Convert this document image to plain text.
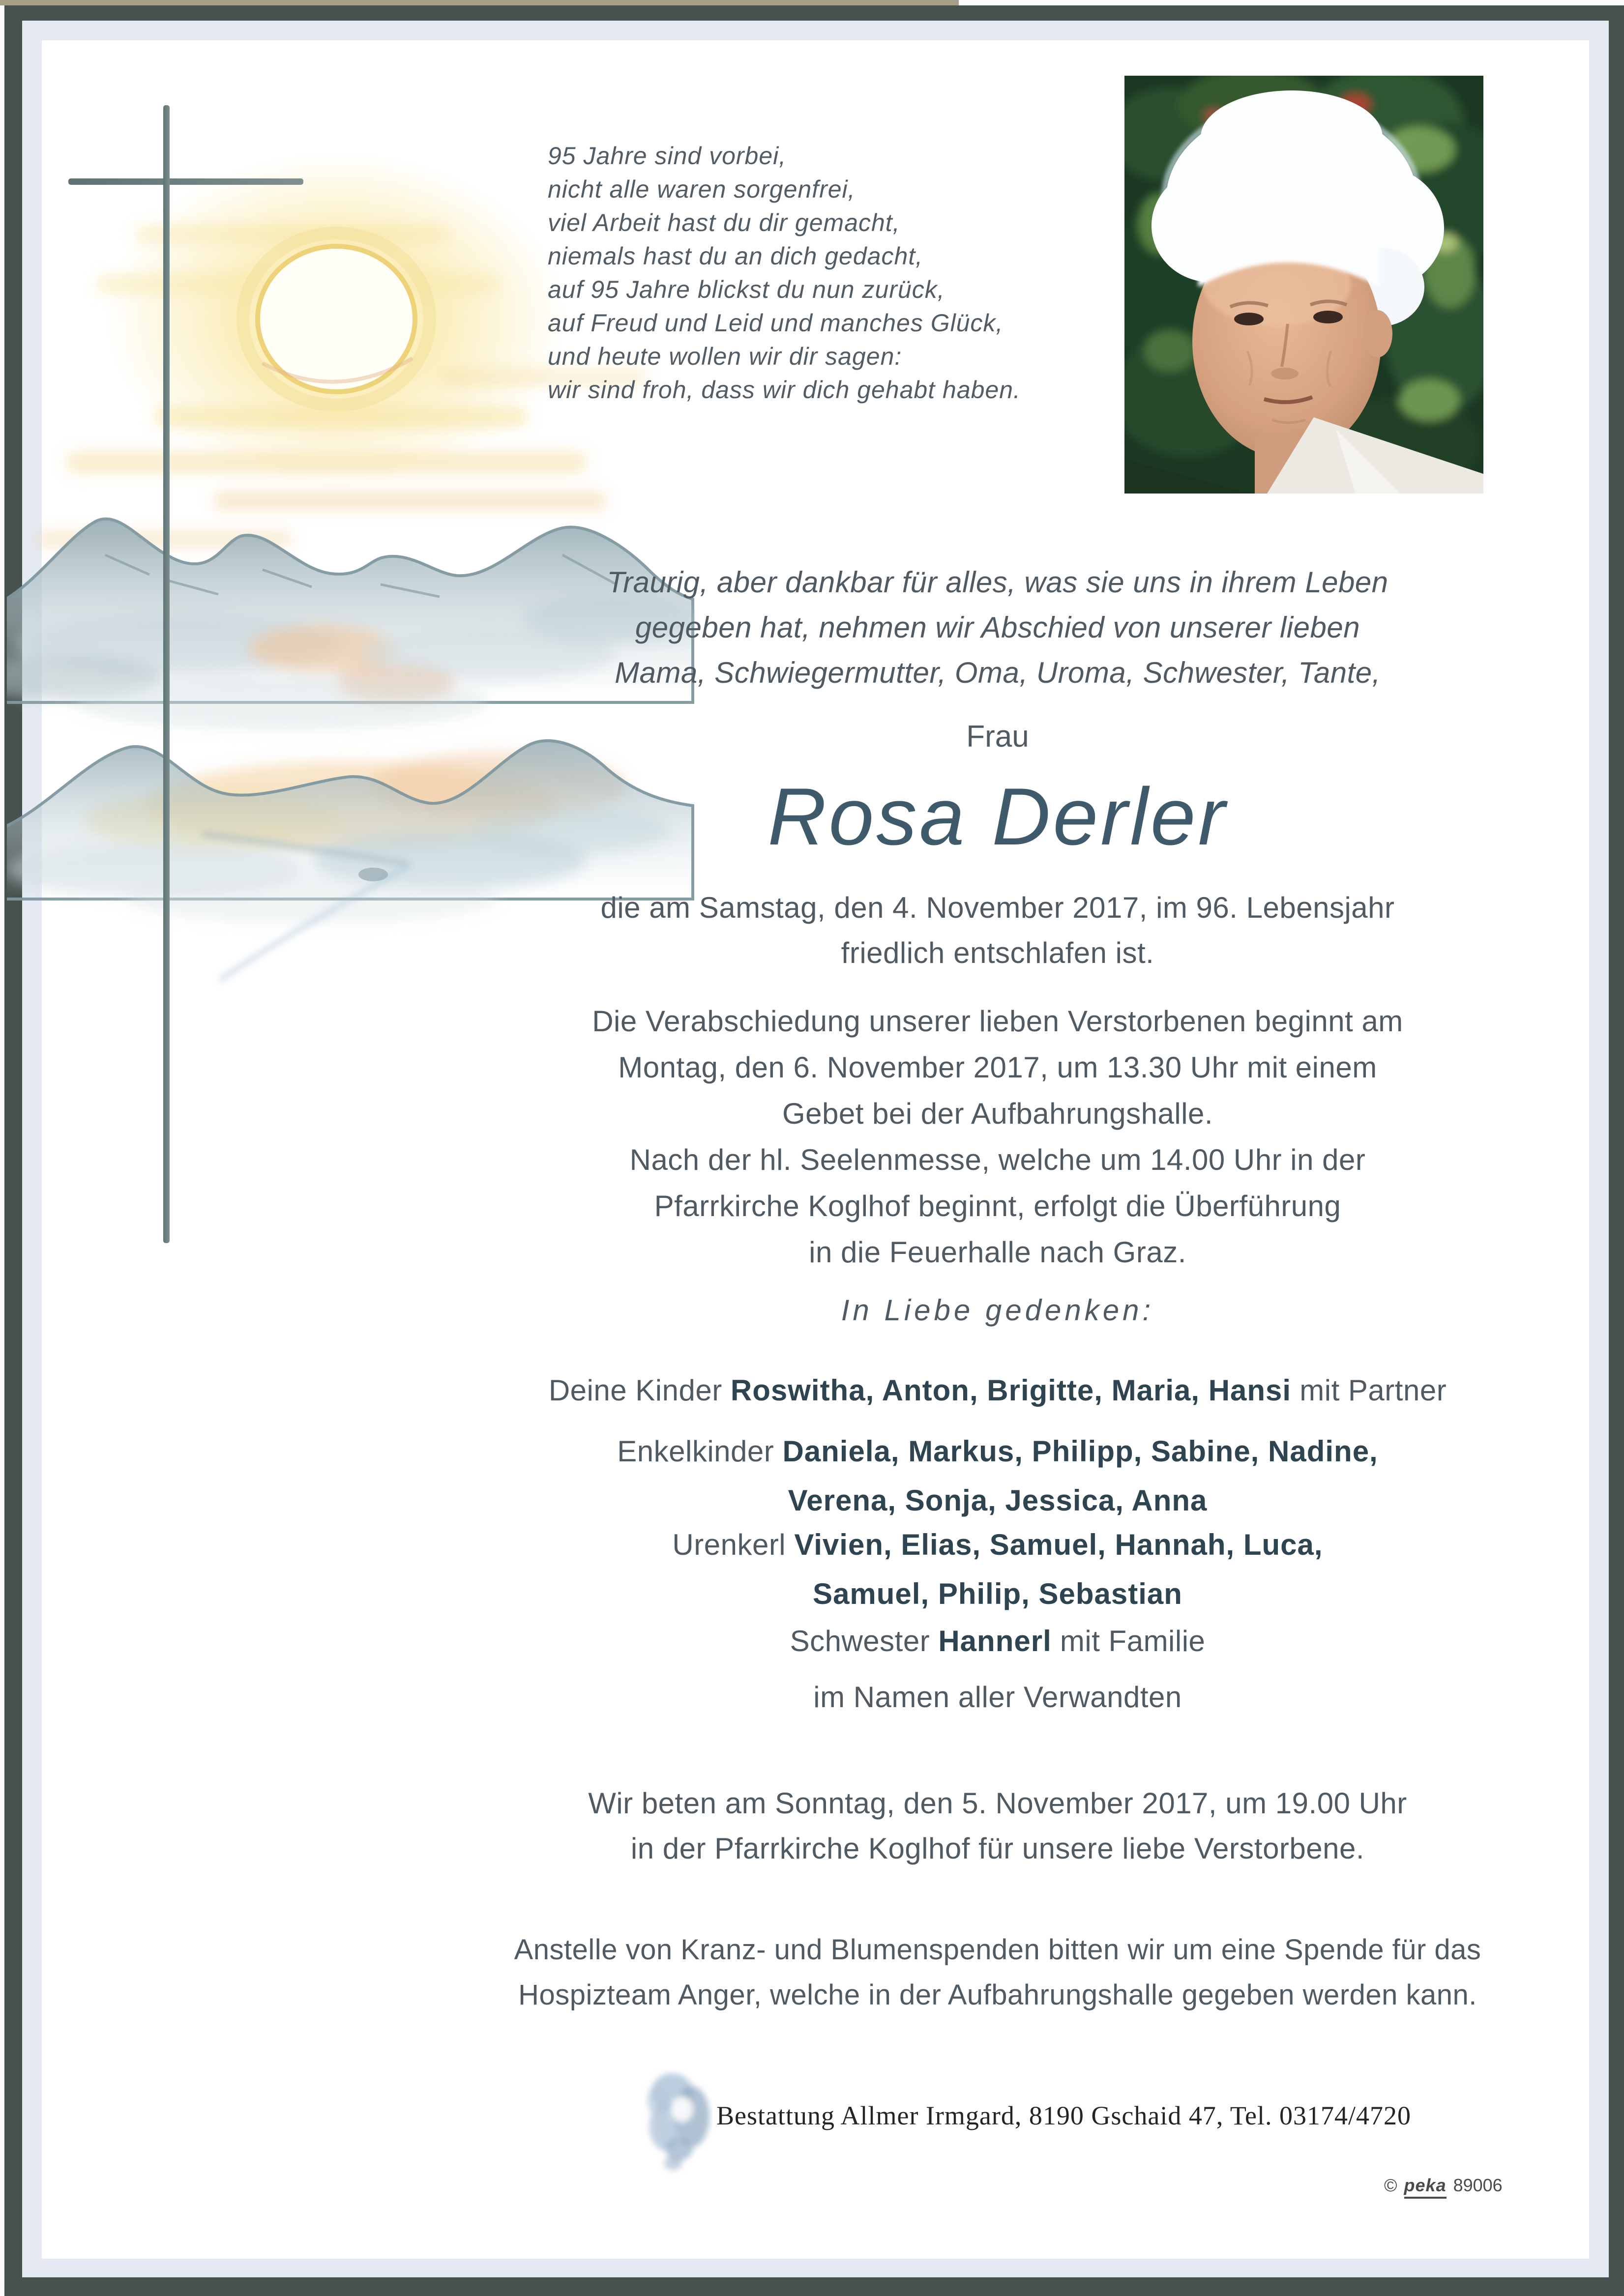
95 Jahre sind vorbei,
nicht alle waren sorgenfrei,
viel Arbeit hast du dir gemacht,
niemals hast du an dich gedacht,
auf 95 Jahre blickst du nun zurück,
auf Freud und Leid und manches Glück,
und heute wollen wir dir sagen:
wir sind froh, dass wir dich gehabt haben.
Traurig, aber dankbar für alles, was sie uns in ihrem Leben
gegeben hat, nehmen wir Abschied von unserer lieben
Mama, Schwiegermutter, Oma, Uroma, Schwester, Tante,
Frau
Rosa Derler
die am Samstag, den 4. November 2017, im 96. Lebensjahr
friedlich entschlafen ist.
Die Verabschiedung unserer lieben Verstorbenen beginnt am
Montag, den 6. November 2017, um 13.30 Uhr mit einem
Gebet bei der Aufbahrungshalle.
Nach der hl. Seelenmesse, welche um 14.00 Uhr in der
Pfarrkirche Koglhof beginnt, erfolgt die Überführung
in die Feuerhalle nach Graz.
In Liebe gedenken:
Deine Kinder Roswitha, Anton, Brigitte, Maria, Hansi mit Partner
Enkelkinder Daniela, Markus, Philipp, Sabine, Nadine,
Verena, Sonja, Jessica, Anna
Urenkerl Vivien, Elias, Samuel, Hannah, Luca,
Samuel, Philip, Sebastian
Schwester Hannerl mit Familie
im Namen aller Verwandten
Wir beten am Sonntag, den 5. November 2017, um 19.00 Uhr
in der Pfarrkirche Koglhof für unsere liebe Verstorbene.
Anstelle von Kranz- und Blumenspenden bitten wir um eine Spende für das
Hospizteam Anger, welche in der Aufbahrungshalle gegeben werden kann.
Bestattung Allmer Irmgard, 8190 Gschaid 47, Tel. 03174/4720
© peka 89006
